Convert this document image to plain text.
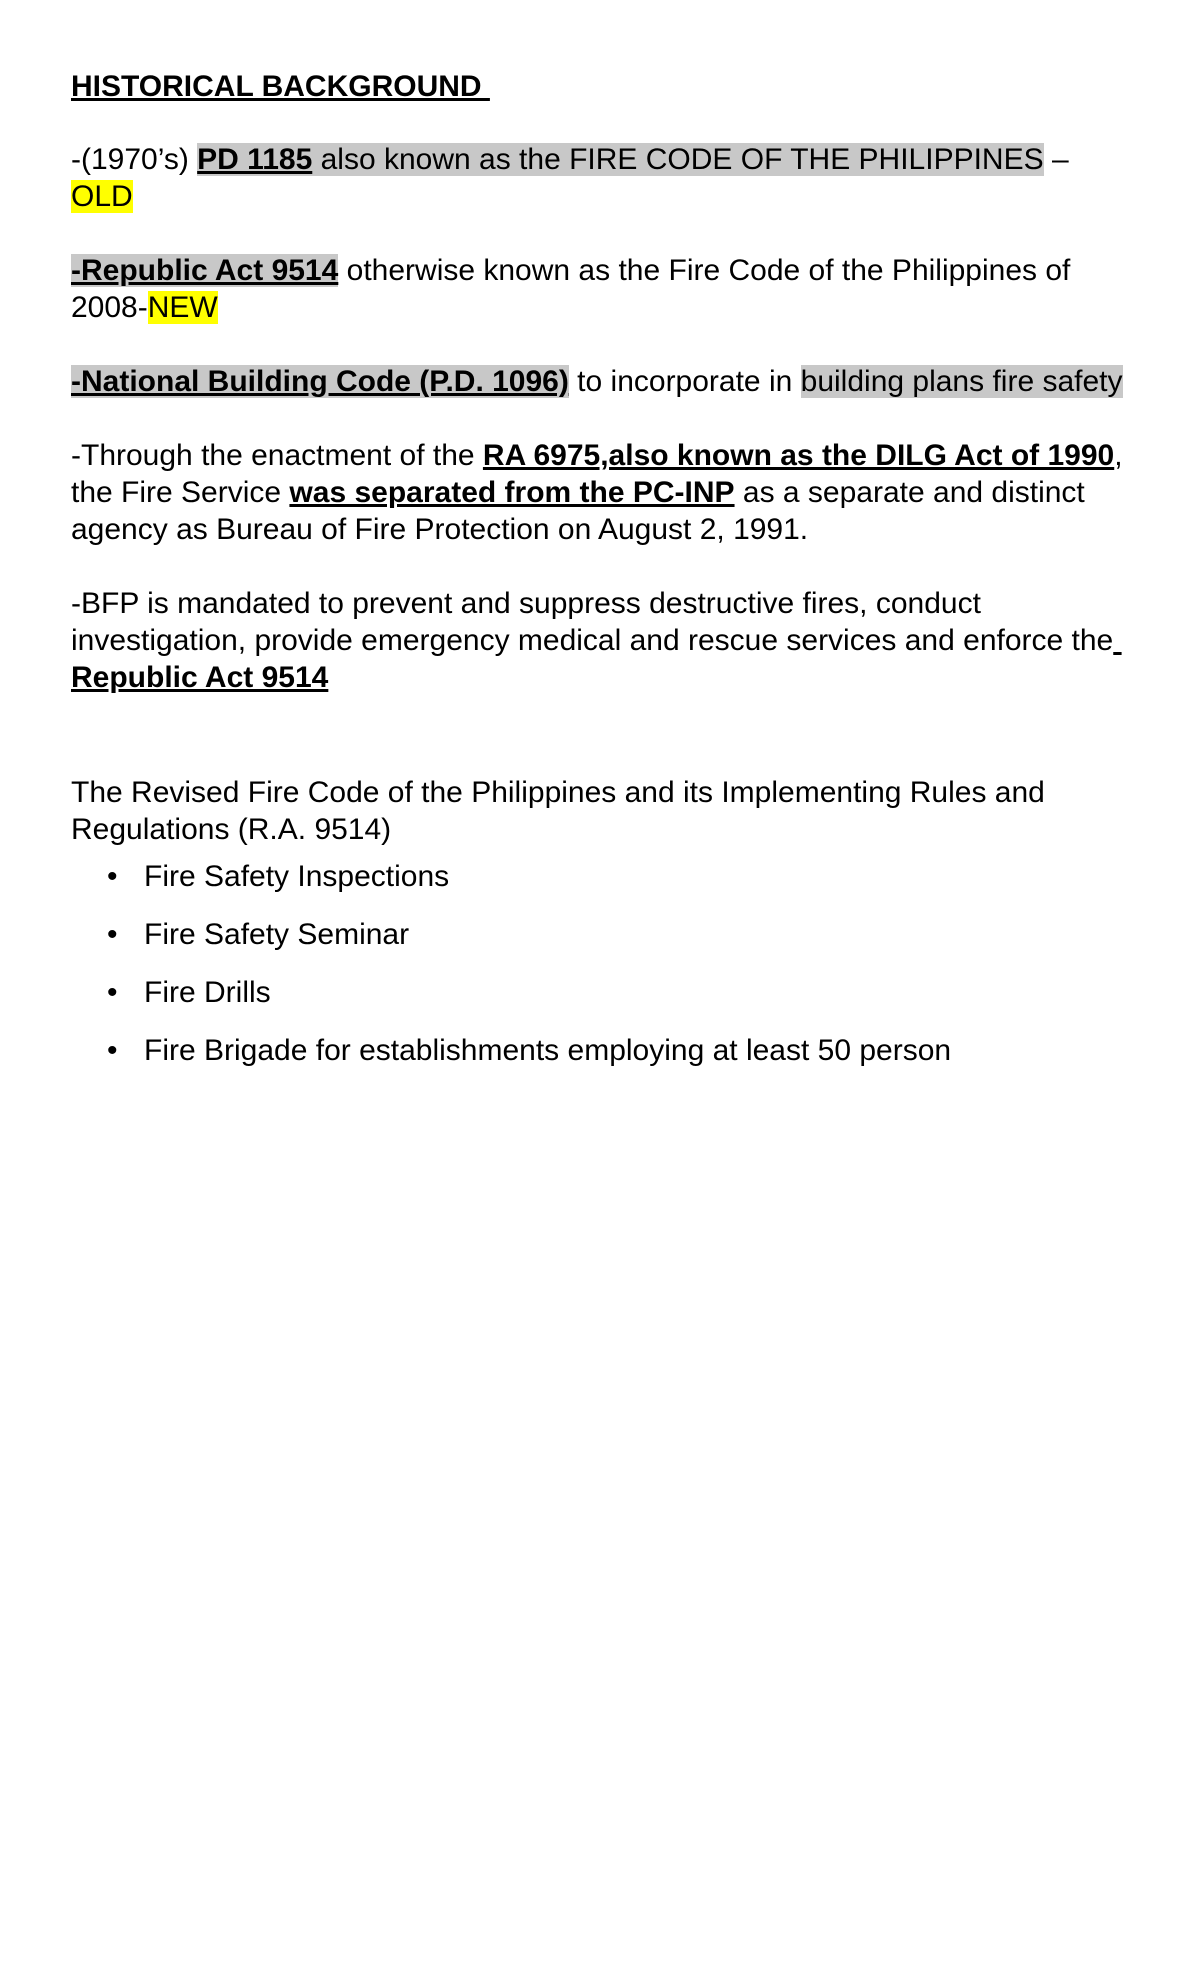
HISTORICAL BACKGROUND

-(1970’s) PD 1185 also known as the FIRE CODE OF THE PHILIPPINES – OLD

-Republic Act 9514 otherwise known as the Fire Code of the Philippines of 2008-NEW

-National Building Code (P.D. 1096) to incorporate in building plans fire safety

-Through the enactment of the RA 6975,also known as the DILG Act of 1990, the Fire Service was separated from the PC-INP as a separate and distinct agency as Bureau of Fire Protection on August 2, 1991.

-BFP is mandated to prevent and suppress destructive fires, conduct investigation, provide emergency medical and rescue services and enforce the Republic Act 9514

The Revised Fire Code of the Philippines and its Implementing Rules and Regulations (R.A. 9514)

• Fire Safety Inspections
• Fire Safety Seminar
• Fire Drills
• Fire Brigade for establishments employing at least 50 person
